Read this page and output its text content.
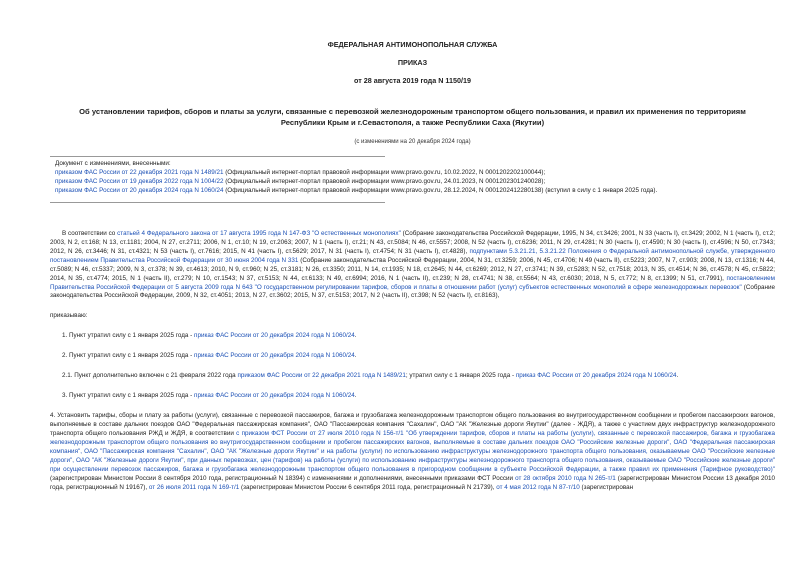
ФЕДЕРАЛЬНАЯ АНТИМОНОПОЛЬНАЯ СЛУЖБА
ПРИКАЗ
от 28 августа 2019 года N 1150/19
Об установлении тарифов, сборов и платы за услуги, связанные с перевозкой железнодорожным транспортом общего пользования, и правил их применения по территориям Республики Крым и г.Севастополя, а также Республики Саха (Якутии)
(с изменениями на 20 декабря 2024 года)

Документ с изменениями, внесенными:

приказом ФАС России от 22 декабря 2021 года N 1489/21 (Официальный интернет-портал правовой информации www.pravo.gov.ru, 10.02.2022, N 0001202202100044);

приказом ФАС России от 19 декабря 2022 года N 1004/22 (Официальный интернет-портал правовой информации www.pravo.gov.ru, 24.01.2023, N 0001202301240028);

приказом ФАС России от 20 декабря 2024 года N 1060/24 (Официальный интернет-портал правовой информации www.pravo.gov.ru, 28.12.2024, N 0001202412280138) (вступил в силу с 1 января 2025 года).

В соответствии со статьей 4 Федерального закона от 17 августа 1995 года N 147-ФЗ "О естественных монополиях" (Собрание законодательства Российской Федерации, 1995, N 34, ст.3426; 2001, N 33 (часть I), ст.3429; 2002, N 1 (часть I), ст.2; 2003, N 2, ст.168; N 13, ст.1181; 2004, N 27, ст.2711; 2006, N 1, ст.10; N 19, ст.2063; 2007, N 1 (часть I), ст.21; N 43, ст.5084; N 46, ст.5557; 2008, N 52 (часть I), ст.6236; 2011, N 29, ст.4281; N 30 (часть I), ст.4590; N 30 (часть I), ст.4596; N 50, ст.7343; 2012, N 26, ст.3446; N 31, ст.4321; N 53 (часть I), ст.7616; 2015, N 41 (часть I), ст.5629; 2017, N 31 (часть I), ст.4754; N 31 (часть I), ст.4828), подпунктами 5.3.21.21, 5.3.21.22 Положения о Федеральной антимонопольной службе, утвержденного постановлением Правительства Российской Федерации от 30 июня 2004 года N 331 (Собрание законодательства Российской Федерации, 2004, N 31, ст.3259; 2006, N 45, ст.4706; N 49 (часть II), ст.5223; 2007, N 7, ст.903; 2008, N 13, ст.1316; N 44, ст.5089; N 46, ст.5337; 2009, N 3, ст.378; N 39, ст.4613; 2010, N 9, ст.960; N 25, ст.3181; N 26, ст.3350; 2011, N 14, ст.1935; N 18, ст.2645; N 44, ст.6269; 2012, N 27, ст.3741; N 39, ст.5283; N 52, ст.7518; 2013, N 35, ст.4514; N 36, ст.4578; N 45, ст.5822; 2014, N 35, ст.4774; 2015, N 1 (часть II), ст.279; N 10, ст.1543; N 37, ст.5153; N 44, ст.6133; N 49, ст.6994; 2016, N 1 (часть II), ст.239; N 28, ст.4741; N 38, ст.5564; N 43, ст.6030; 2018, N 5, ст.772; N 8, ст.1399; N 51, ст.7991), постановлением Правительства Российской Федерации от 5 августа 2009 года N 643 "О государственном регулировании тарифов, сборов и платы в отношении работ (услуг) субъектов естественных монополий в сфере железнодорожных перевозок" (Собрание законодательства Российской Федерации, 2009, N 32, ст.4051; 2013, N 27, ст.3602; 2015, N 37, ст.5153; 2017, N 2 (часть II), ст.398; N 52 (часть I), ст.8163),

приказываю:

1. Пункт утратил силу с 1 января 2025 года - приказ ФАС России от 20 декабря 2024 года N 1060/24.

2. Пункт утратил силу с 1 января 2025 года - приказ ФАС России от 20 декабря 2024 года N 1060/24.

2.1. Пункт дополнительно включен с 21 февраля 2022 года приказом ФАС России от 22 декабря 2021 года N 1489/21; утратил силу с 1 января 2025 года - приказ ФАС России от 20 декабря 2024 года N 1060/24.

3. Пункт утратил силу с 1 января 2025 года - приказ ФАС России от 20 декабря 2024 года N 1060/24.

4. Установить тарифы, сборы и плату за работы (услуги), связанные с перевозкой пассажиров, багажа и грузобагажа железнодорожным транспортом общего пользования во внутригосударственном сообщении и пробегом пассажирских вагонов, выполняемые в составе дальних поездов ОАО "Федеральная пассажирская компания", ОАО "Пассажирская компания "Сахалин", ОАО "АК "Железные дороги Якутии" (далее - ЖДЯ), а также с участием двух инфраструктур железнодорожного транспорта общего пользования РЖД и ЖДЯ, в соответствии с приказом ФСТ России от 27 июля 2010 года N 156-т/1 "Об утверждении тарифов, сборов и платы на работы (услуги), связанные с перевозкой пассажиров, багажа и грузобагажа железнодорожным транспортом общего пользования во внутригосударственном сообщении и пробегом пассажирских вагонов, выполняемые в составе дальних поездов ОАО "Российские железные дороги", ОАО "Федеральная пассажирская компания", ОАО "Пассажирская компания "Сахалин", ОАО "АК "Железные дороги Якутии" и на работы (услуги) по использованию инфраструктуры железнодорожного транспорта общего пользования, оказываемые ОАО "Российские железные дороги", ОАО "АК "Железные дороги Якутии", при данных перевозках, цен (тарифов) на работы (услуги) по использованию инфраструктуры железнодорожного транспорта общего пользования, оказываемые ОАО "Российские железные дороги" при осуществлении перевозок пассажиров, багажа и грузобагажа железнодорожным транспортом общего пользования в пригородном сообщении в субъекте Российской Федерации, а также правил их применения (Тарифное руководство)" (зарегистрирован Министом России 8 сентября 2010 года, регистрационный N 18394) с изменениями и дополнениями, внесенными приказами ФСТ России от 28 октября 2010 года N 265-т/1 (зарегистрирован Министом России 13 декабря 2010 года, регистрационный N 19167), от 26 июля 2011 года N 169-т/1 (зарегистрирован Министом России 6 сентября 2011 года, регистрационный N 21739), от 4 мая 2012 года N 87-т/10 (зарегистрирован
